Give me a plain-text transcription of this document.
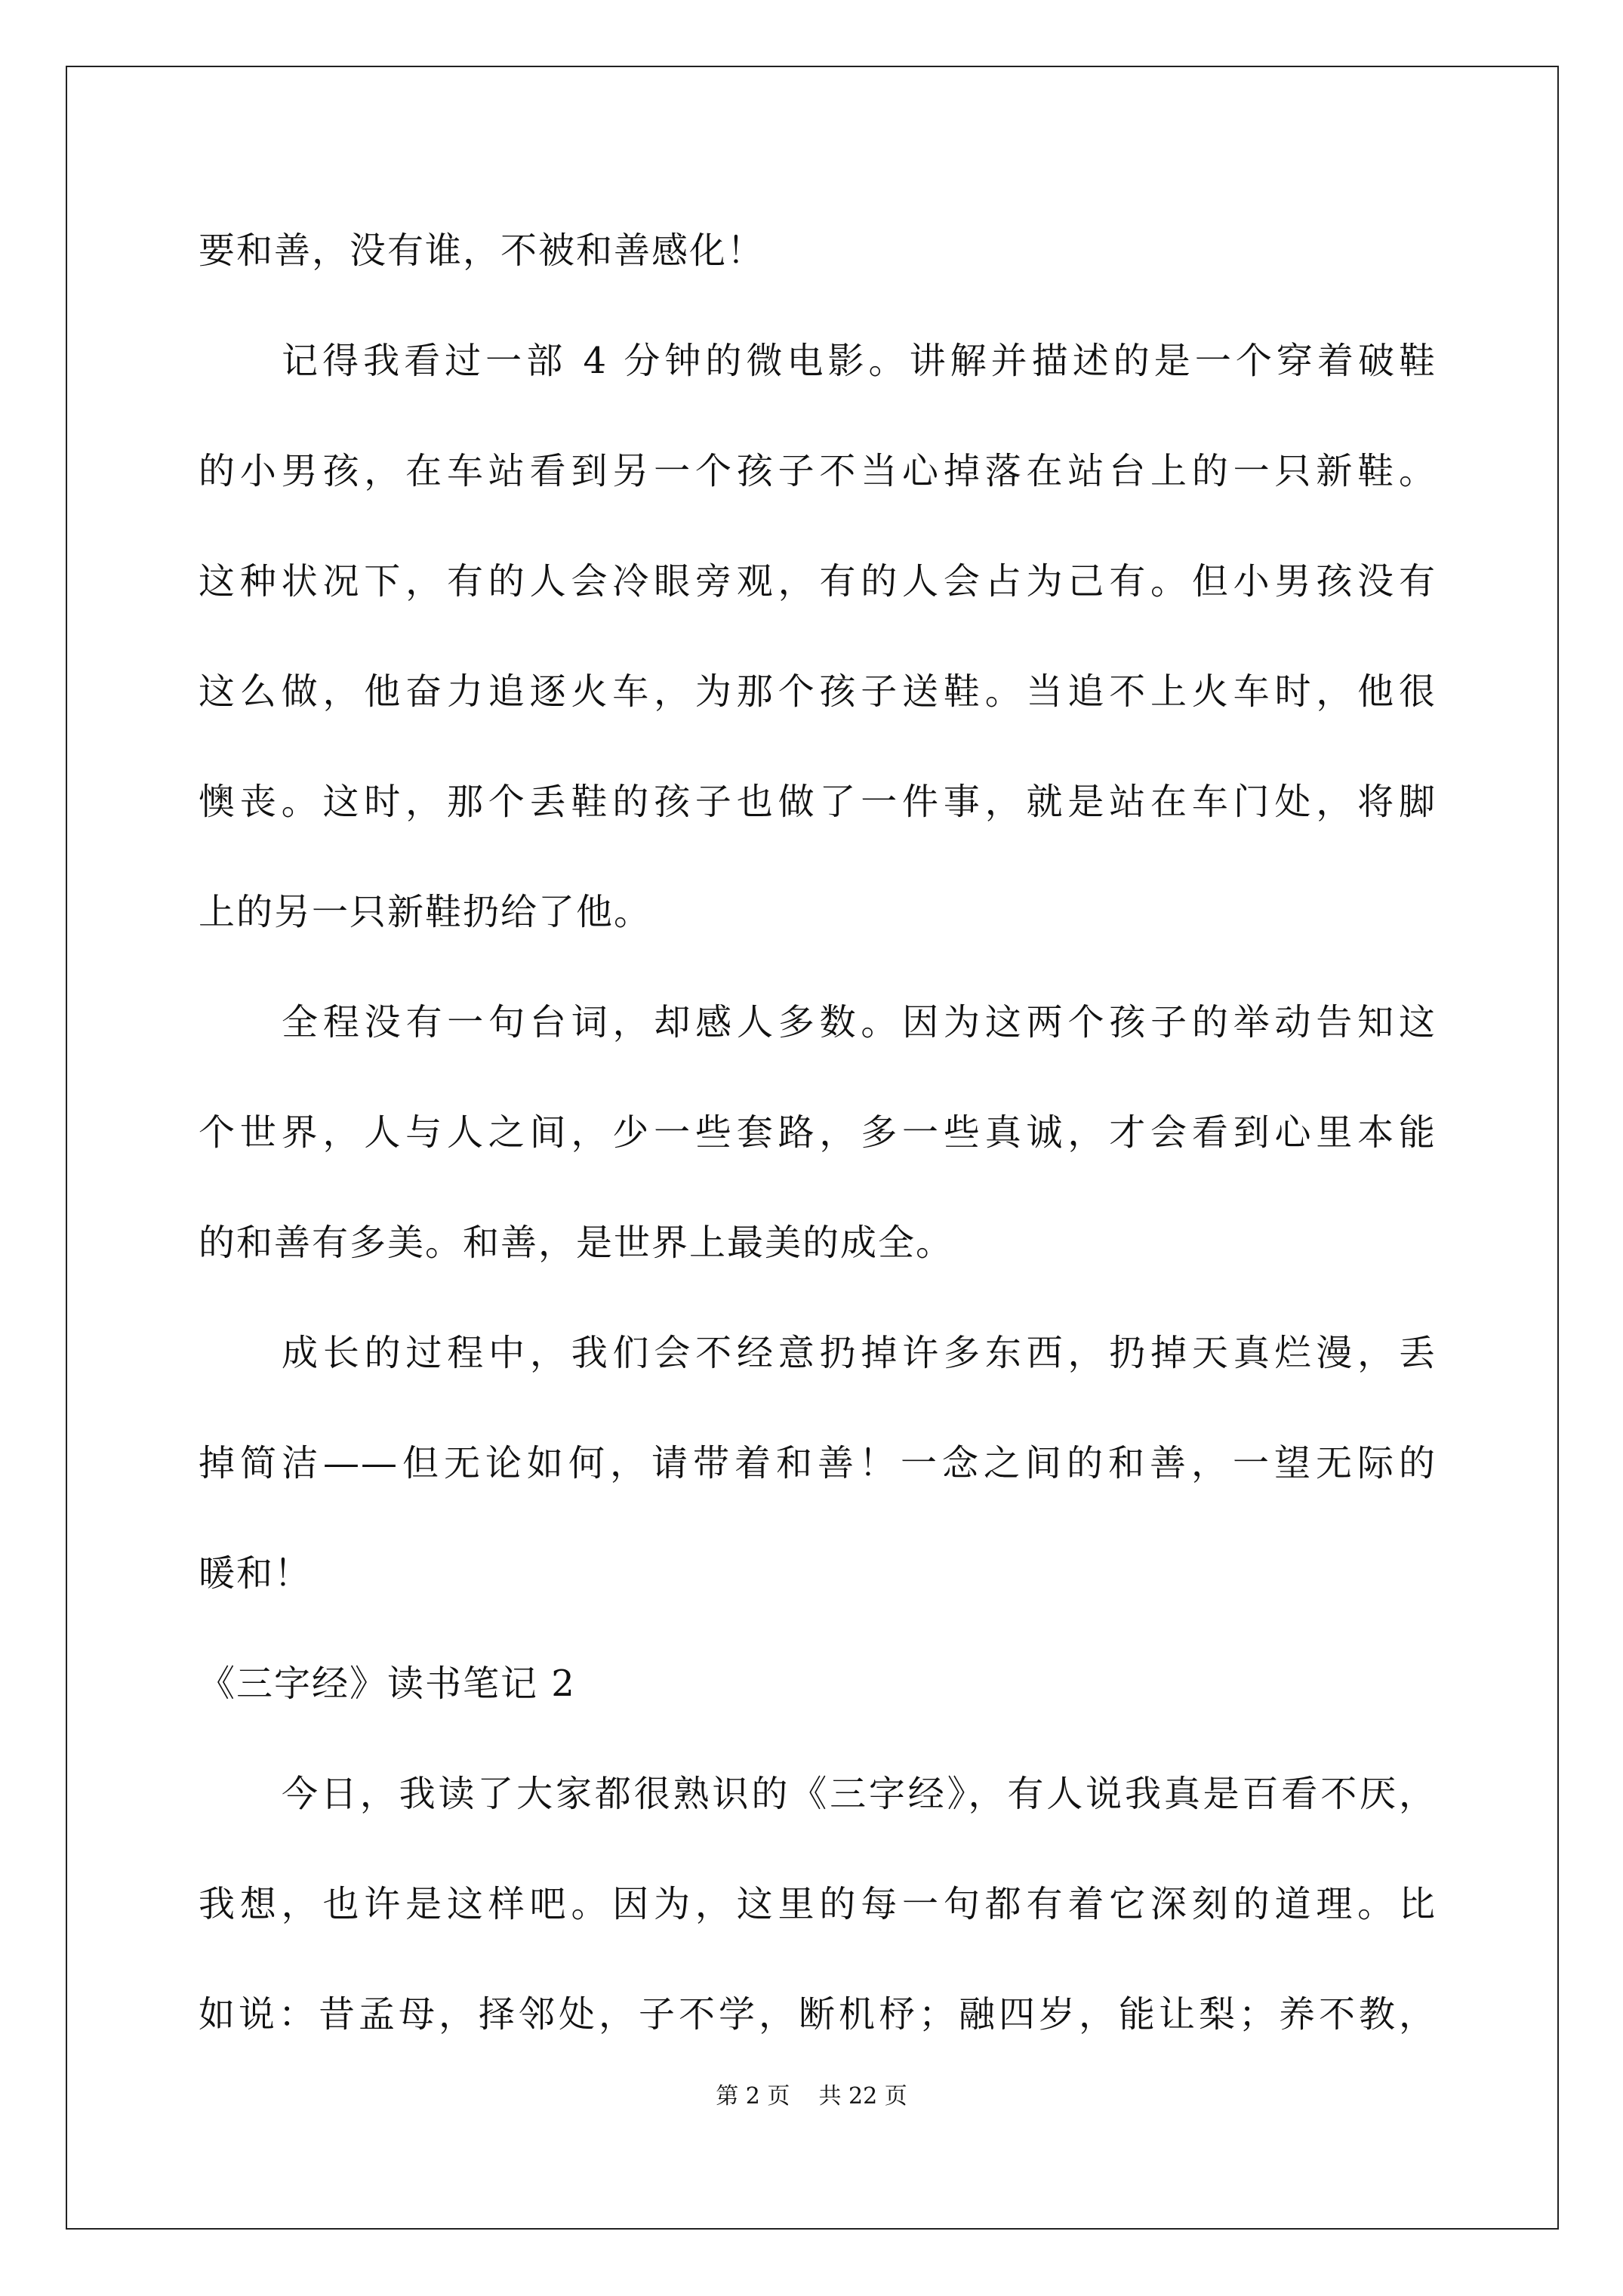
要和善，没有谁，不被和善感化！
记得我看过一部 4 分钟的微电影。讲解并描述的是一个穿着破鞋
的小男孩，在车站看到另一个孩子不当心掉落在站台上的一只新鞋。
这种状况下，有的人会冷眼旁观，有的人会占为己有。但小男孩没有
这么做，他奋力追逐火车，为那个孩子送鞋。当追不上火车时，他很
懊丧。这时，那个丢鞋的孩子也做了一件事，就是站在车门处，将脚
上的另一只新鞋扔给了他。
全程没有一句台词，却感人多数。因为这两个孩子的举动告知这
个世界，人与人之间，少一些套路，多一些真诚，才会看到心里本能
的和善有多美。和善，是世界上最美的成全。
成长的过程中，我们会不经意扔掉许多东西，扔掉天真烂漫，丢
掉简洁——但无论如何，请带着和善！一念之间的和善，一望无际的
暖和！
《三字经》读书笔记 2
今日，我读了大家都很熟识的《三字经》，有人说我真是百看不厌，
我想，也许是这样吧。因为，这里的每一句都有着它深刻的道理。比
如说：昔孟母，择邻处，子不学，断机杼；融四岁，能让梨；养不教，
第 2 页    共 22 页
